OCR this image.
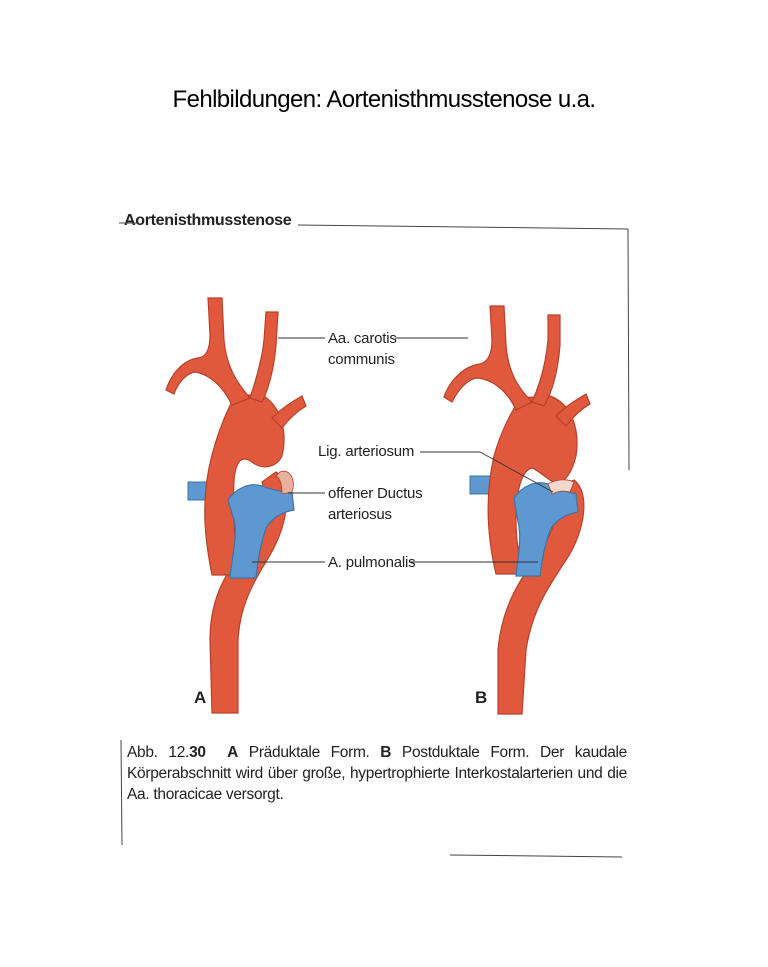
Fehlbildungen: Aortenisthmusstenose u.a.
Aortenisthmusstenose
Aa. carotis
communis
Lig. arteriosum
offener Ductus
arteriosus
A. pulmonalis
A	B
Abb. 12.30 A Präduktale Form. B Postduktale Form. Der kaudale Körperabschnitt wird über große, hypertrophierte Interkostalarterien und die Aa. thoracicae versorgt.
